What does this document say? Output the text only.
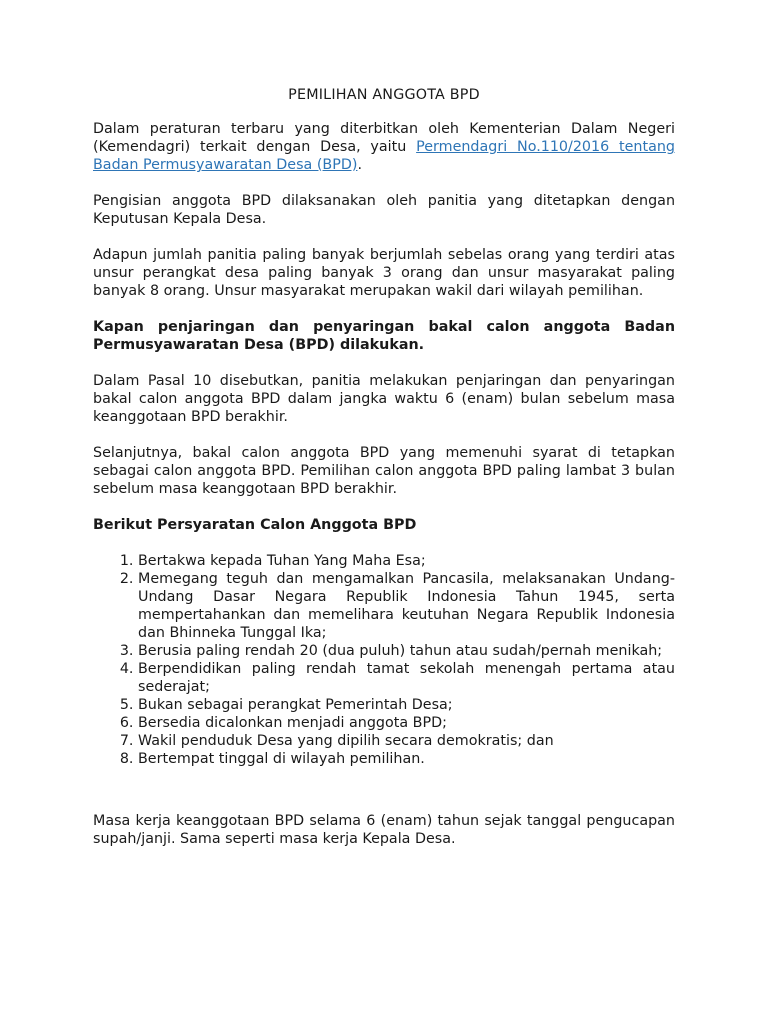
PEMILIHAN ANGGOTA BPD

Dalam peraturan terbaru yang diterbitkan oleh Kementerian Dalam Negeri (Kemendagri) terkait dengan Desa, yaitu Permendagri No.110/2016 tentang Badan Permusyawaratan Desa (BPD).

Pengisian anggota BPD dilaksanakan oleh panitia yang ditetapkan dengan Keputusan Kepala Desa.

Adapun jumlah panitia paling banyak berjumlah sebelas orang yang terdiri atas unsur perangkat desa paling banyak 3 orang dan unsur masyarakat paling banyak 8 orang. Unsur masyarakat merupakan wakil dari wilayah pemilihan.

Kapan penjaringan dan penyaringan bakal calon anggota Badan Permusyawaratan Desa (BPD) dilakukan.

Dalam Pasal 10 disebutkan, panitia melakukan penjaringan dan penyaringan bakal calon anggota BPD dalam jangka waktu 6 (enam) bulan sebelum masa keanggotaan BPD berakhir.

Selanjutnya, bakal calon anggota BPD yang memenuhi syarat di tetapkan sebagai calon anggota BPD. Pemilihan calon anggota BPD paling lambat 3 bulan sebelum masa keanggotaan BPD berakhir.

Berikut Persyaratan Calon Anggota BPD
1. Bertakwa kepada Tuhan Yang Maha Esa;
2. Memegang teguh dan mengamalkan Pancasila, melaksanakan Undang-Undang Dasar Negara Republik Indonesia Tahun 1945, serta mempertahankan dan memelihara keutuhan Negara Republik Indonesia dan Bhinneka Tunggal Ika;
3. Berusia paling rendah 20 (dua puluh) tahun atau sudah/pernah menikah;
4. Berpendidikan paling rendah tamat sekolah menengah pertama atau sederajat;
5. Bukan sebagai perangkat Pemerintah Desa;
6. Bersedia dicalonkan menjadi anggota BPD;
7. Wakil penduduk Desa yang dipilih secara demokratis; dan
8. Bertempat tinggal di wilayah pemilihan.

Masa kerja keanggotaan BPD selama 6 (enam) tahun sejak tanggal pengucapan supah/janji. Sama seperti masa kerja Kepala Desa.
